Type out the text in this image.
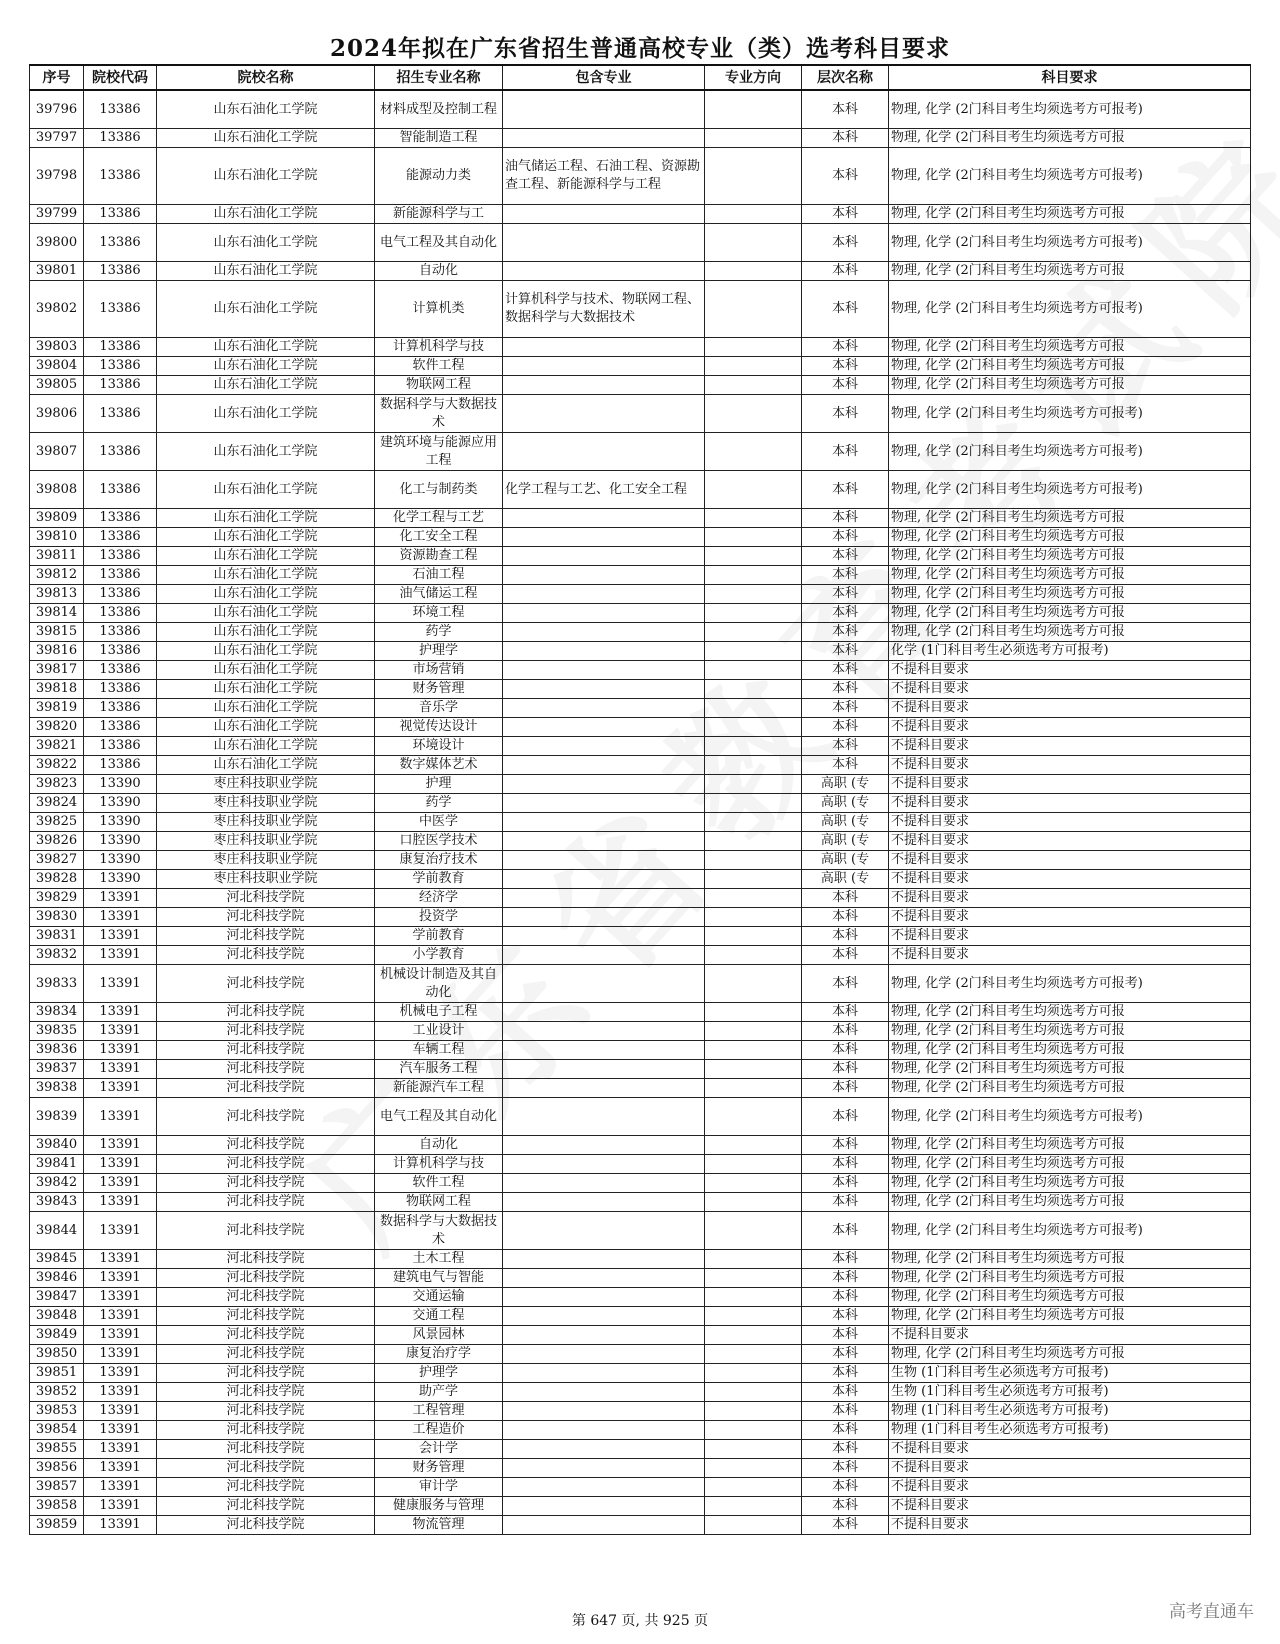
2024年拟在广东省招生普通高校专业（类）选考科目要求
序号	院校代码	院校名称	招生专业名称	包含专业	专业方向	层次名称	科目要求
39796	13386	山东石油化工学院	材料成型及控制工程			本科	物理, 化学 (2门科目考生均须选考方可报考)
39797	13386	山东石油化工学院	智能制造工程			本科	物理, 化学 (2门科目考生均须选考方可报
39798	13386	山东石油化工学院	能源动力类	油气储运工程、石油工程、资源勘查工程、新能源科学与工程		本科	物理, 化学 (2门科目考生均须选考方可报考)
39799	13386	山东石油化工学院	新能源科学与工			本科	物理, 化学 (2门科目考生均须选考方可报
39800	13386	山东石油化工学院	电气工程及其自动化			本科	物理, 化学 (2门科目考生均须选考方可报考)
39801	13386	山东石油化工学院	自动化			本科	物理, 化学 (2门科目考生均须选考方可报
39802	13386	山东石油化工学院	计算机类	计算机科学与技术、物联网工程、数据科学与大数据技术		本科	物理, 化学 (2门科目考生均须选考方可报考)
39803	13386	山东石油化工学院	计算机科学与技			本科	物理, 化学 (2门科目考生均须选考方可报
39804	13386	山东石油化工学院	软件工程			本科	物理, 化学 (2门科目考生均须选考方可报
39805	13386	山东石油化工学院	物联网工程			本科	物理, 化学 (2门科目考生均须选考方可报
39806	13386	山东石油化工学院	数据科学与大数据技术			本科	物理, 化学 (2门科目考生均须选考方可报考)
39807	13386	山东石油化工学院	建筑环境与能源应用工程			本科	物理, 化学 (2门科目考生均须选考方可报考)
39808	13386	山东石油化工学院	化工与制药类	化学工程与工艺、化工安全工程		本科	物理, 化学 (2门科目考生均须选考方可报考)
39809	13386	山东石油化工学院	化学工程与工艺			本科	物理, 化学 (2门科目考生均须选考方可报
39810	13386	山东石油化工学院	化工安全工程			本科	物理, 化学 (2门科目考生均须选考方可报
39811	13386	山东石油化工学院	资源勘查工程			本科	物理, 化学 (2门科目考生均须选考方可报
39812	13386	山东石油化工学院	石油工程			本科	物理, 化学 (2门科目考生均须选考方可报
39813	13386	山东石油化工学院	油气储运工程			本科	物理, 化学 (2门科目考生均须选考方可报
39814	13386	山东石油化工学院	环境工程			本科	物理, 化学 (2门科目考生均须选考方可报
39815	13386	山东石油化工学院	药学			本科	物理, 化学 (2门科目考生均须选考方可报
39816	13386	山东石油化工学院	护理学			本科	化学 (1门科目考生必须选考方可报考)
39817	13386	山东石油化工学院	市场营销			本科	不提科目要求
39818	13386	山东石油化工学院	财务管理			本科	不提科目要求
39819	13386	山东石油化工学院	音乐学			本科	不提科目要求
39820	13386	山东石油化工学院	视觉传达设计			本科	不提科目要求
39821	13386	山东石油化工学院	环境设计			本科	不提科目要求
39822	13386	山东石油化工学院	数字媒体艺术			本科	不提科目要求
39823	13390	枣庄科技职业学院	护理			高职 (专	不提科目要求
39824	13390	枣庄科技职业学院	药学			高职 (专	不提科目要求
39825	13390	枣庄科技职业学院	中医学			高职 (专	不提科目要求
39826	13390	枣庄科技职业学院	口腔医学技术			高职 (专	不提科目要求
39827	13390	枣庄科技职业学院	康复治疗技术			高职 (专	不提科目要求
39828	13390	枣庄科技职业学院	学前教育			高职 (专	不提科目要求
39829	13391	河北科技学院	经济学			本科	不提科目要求
39830	13391	河北科技学院	投资学			本科	不提科目要求
39831	13391	河北科技学院	学前教育			本科	不提科目要求
39832	13391	河北科技学院	小学教育			本科	不提科目要求
39833	13391	河北科技学院	机械设计制造及其自动化			本科	物理, 化学 (2门科目考生均须选考方可报考)
39834	13391	河北科技学院	机械电子工程			本科	物理, 化学 (2门科目考生均须选考方可报
39835	13391	河北科技学院	工业设计			本科	物理, 化学 (2门科目考生均须选考方可报
39836	13391	河北科技学院	车辆工程			本科	物理, 化学 (2门科目考生均须选考方可报
39837	13391	河北科技学院	汽车服务工程			本科	物理, 化学 (2门科目考生均须选考方可报
39838	13391	河北科技学院	新能源汽车工程			本科	物理, 化学 (2门科目考生均须选考方可报
39839	13391	河北科技学院	电气工程及其自动化			本科	物理, 化学 (2门科目考生均须选考方可报考)
39840	13391	河北科技学院	自动化			本科	物理, 化学 (2门科目考生均须选考方可报
39841	13391	河北科技学院	计算机科学与技			本科	物理, 化学 (2门科目考生均须选考方可报
39842	13391	河北科技学院	软件工程			本科	物理, 化学 (2门科目考生均须选考方可报
39843	13391	河北科技学院	物联网工程			本科	物理, 化学 (2门科目考生均须选考方可报
39844	13391	河北科技学院	数据科学与大数据技术			本科	物理, 化学 (2门科目考生均须选考方可报考)
39845	13391	河北科技学院	土木工程			本科	物理, 化学 (2门科目考生均须选考方可报
39846	13391	河北科技学院	建筑电气与智能			本科	物理, 化学 (2门科目考生均须选考方可报
39847	13391	河北科技学院	交通运输			本科	物理, 化学 (2门科目考生均须选考方可报
39848	13391	河北科技学院	交通工程			本科	物理, 化学 (2门科目考生均须选考方可报
39849	13391	河北科技学院	风景园林			本科	不提科目要求
39850	13391	河北科技学院	康复治疗学			本科	物理, 化学 (2门科目考生均须选考方可报
39851	13391	河北科技学院	护理学			本科	生物 (1门科目考生必须选考方可报考)
39852	13391	河北科技学院	助产学			本科	生物 (1门科目考生必须选考方可报考)
39853	13391	河北科技学院	工程管理			本科	物理 (1门科目考生必须选考方可报考)
39854	13391	河北科技学院	工程造价			本科	物理 (1门科目考生必须选考方可报考)
39855	13391	河北科技学院	会计学			本科	不提科目要求
39856	13391	河北科技学院	财务管理			本科	不提科目要求
39857	13391	河北科技学院	审计学			本科	不提科目要求
39858	13391	河北科技学院	健康服务与管理			本科	不提科目要求
39859	13391	河北科技学院	物流管理			本科	不提科目要求
第 647 页, 共 925 页	高考直通车
